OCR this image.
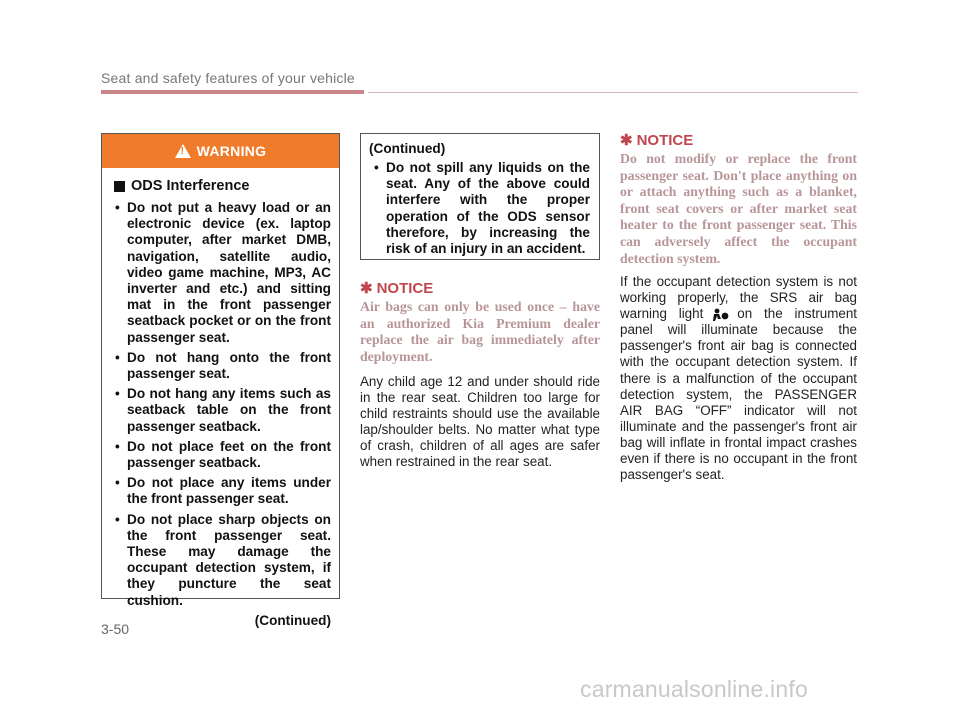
Seat and safety features of your vehicle
!
WARNING
ODS Interference
• Do not put a heavy load or an electronic device (ex. laptop computer, after market DMB, navigation, satellite audio, video game machine, MP3, AC inverter and etc.) and sitting mat in the front passenger seatback pocket or on the front passenger seat.
• Do not hang onto the front passenger seat.
• Do not hang any items such as seatback table on the front passenger seatback.
• Do not place feet on the front passenger seatback.
• Do not place any items under the front passenger seat.
• Do not place sharp objects on the front passenger seat. These may damage the occupant detection system, if they puncture the seat cushion.
(Continued)
(Continued)
• Do not spill any liquids on the seat. Any of the above could interfere with the proper operation of the ODS sensor therefore, by increasing the risk of an injury in an accident.
✱ NOTICE
Air bags can only be used once – have an authorized Kia Premium dealer replace the air bag immediately after deployment.
Any child age 12 and under should ride in the rear seat. Children too large for child restraints should use the available lap/shoulder belts. No matter what type of crash, children of all ages are safer when restrained in the rear seat.
✱ NOTICE
Do not modify or replace the front passenger seat. Don't place anything on or attach anything such as a blanket, front seat covers or after market seat heater to the front passenger seat. This can adversely affect the occupant detection system.
If the occupant detection system is not working properly, the SRS air bag warning light	on the instrument panel will illuminate because the passenger's front air bag is connected with the occupant detection system. If there is a malfunction of the occupant detection system, the PASSENGER AIR BAG “OFF” indicator will not illuminate and the passenger's front air bag will inflate in frontal impact crashes even if there is no occupant in the front passenger's seat.
3-50
carmanualsonline.info
